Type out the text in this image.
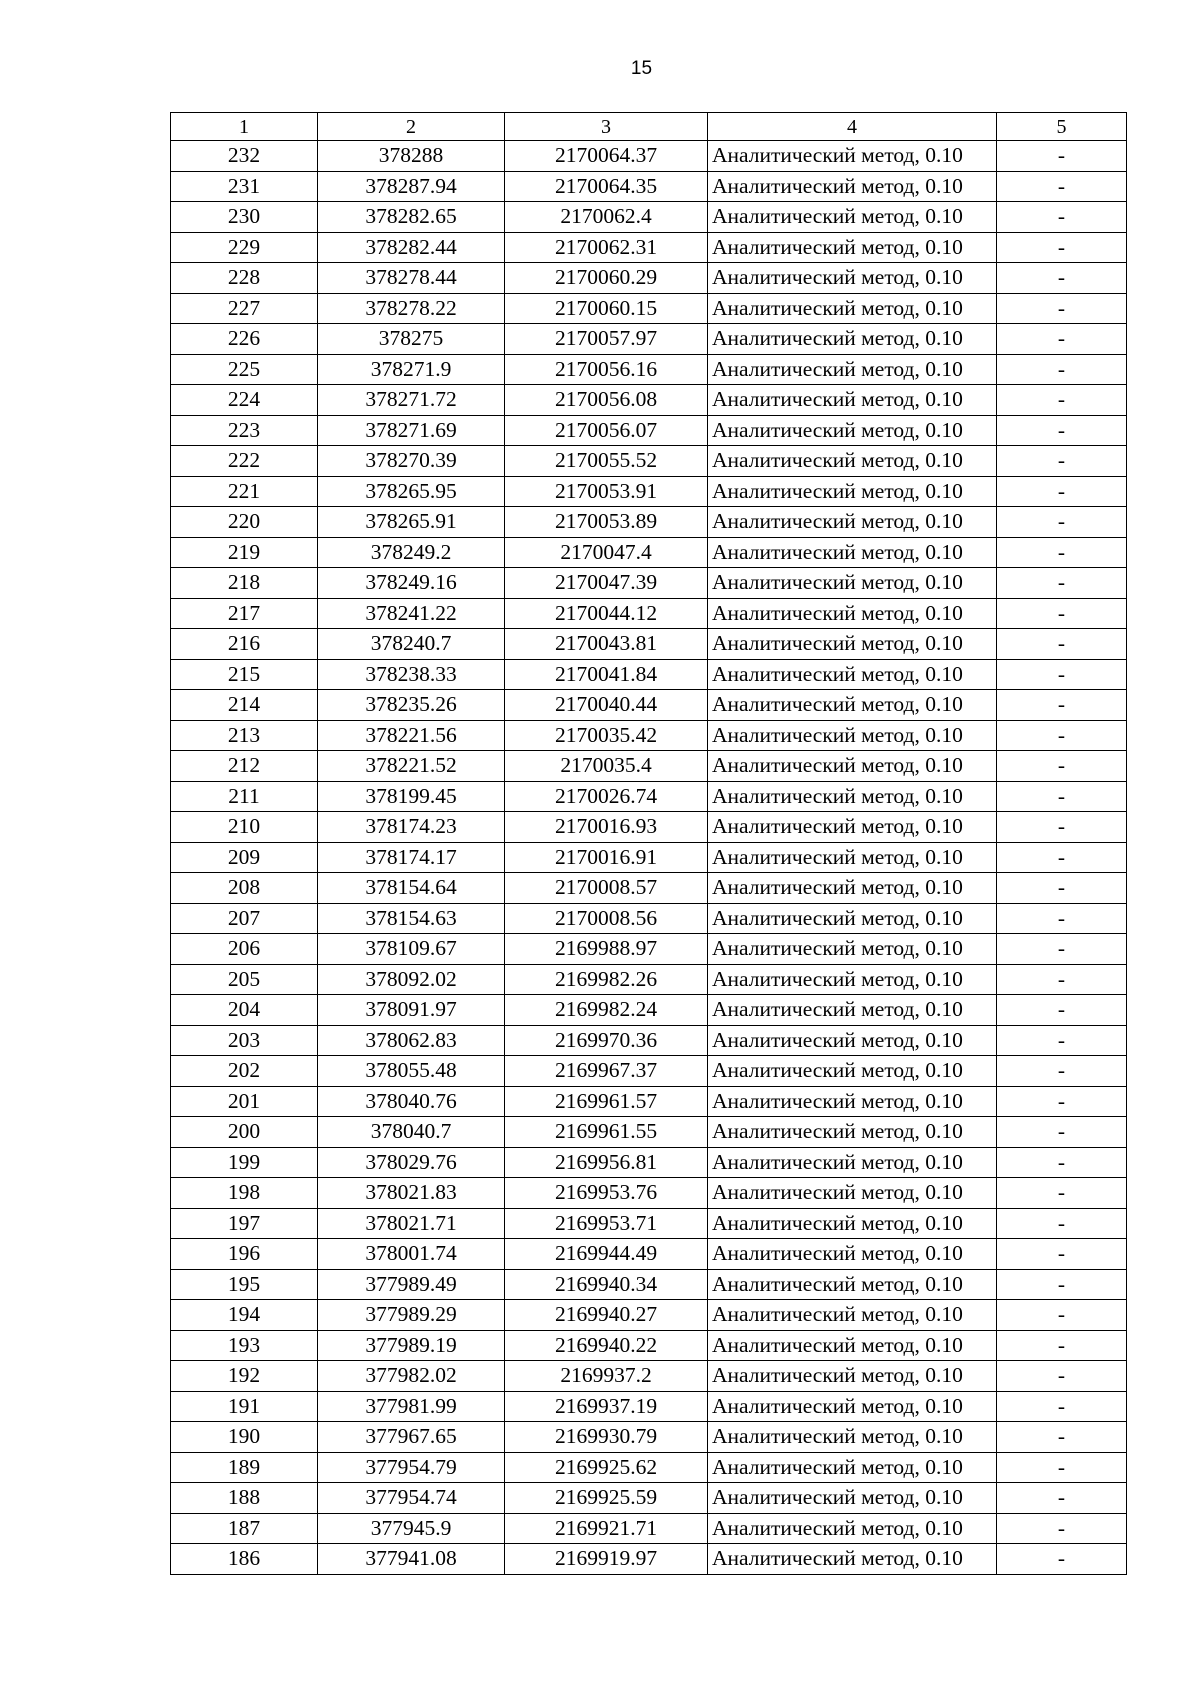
15
1	2	3	4	5
232	378288	2170064.37	Аналитический метод, 0.10	-
231	378287.94	2170064.35	Аналитический метод, 0.10	-
230	378282.65	2170062.4	Аналитический метод, 0.10	-
229	378282.44	2170062.31	Аналитический метод, 0.10	-
228	378278.44	2170060.29	Аналитический метод, 0.10	-
227	378278.22	2170060.15	Аналитический метод, 0.10	-
226	378275	2170057.97	Аналитический метод, 0.10	-
225	378271.9	2170056.16	Аналитический метод, 0.10	-
224	378271.72	2170056.08	Аналитический метод, 0.10	-
223	378271.69	2170056.07	Аналитический метод, 0.10	-
222	378270.39	2170055.52	Аналитический метод, 0.10	-
221	378265.95	2170053.91	Аналитический метод, 0.10	-
220	378265.91	2170053.89	Аналитический метод, 0.10	-
219	378249.2	2170047.4	Аналитический метод, 0.10	-
218	378249.16	2170047.39	Аналитический метод, 0.10	-
217	378241.22	2170044.12	Аналитический метод, 0.10	-
216	378240.7	2170043.81	Аналитический метод, 0.10	-
215	378238.33	2170041.84	Аналитический метод, 0.10	-
214	378235.26	2170040.44	Аналитический метод, 0.10	-
213	378221.56	2170035.42	Аналитический метод, 0.10	-
212	378221.52	2170035.4	Аналитический метод, 0.10	-
211	378199.45	2170026.74	Аналитический метод, 0.10	-
210	378174.23	2170016.93	Аналитический метод, 0.10	-
209	378174.17	2170016.91	Аналитический метод, 0.10	-
208	378154.64	2170008.57	Аналитический метод, 0.10	-
207	378154.63	2170008.56	Аналитический метод, 0.10	-
206	378109.67	2169988.97	Аналитический метод, 0.10	-
205	378092.02	2169982.26	Аналитический метод, 0.10	-
204	378091.97	2169982.24	Аналитический метод, 0.10	-
203	378062.83	2169970.36	Аналитический метод, 0.10	-
202	378055.48	2169967.37	Аналитический метод, 0.10	-
201	378040.76	2169961.57	Аналитический метод, 0.10	-
200	378040.7	2169961.55	Аналитический метод, 0.10	-
199	378029.76	2169956.81	Аналитический метод, 0.10	-
198	378021.83	2169953.76	Аналитический метод, 0.10	-
197	378021.71	2169953.71	Аналитический метод, 0.10	-
196	378001.74	2169944.49	Аналитический метод, 0.10	-
195	377989.49	2169940.34	Аналитический метод, 0.10	-
194	377989.29	2169940.27	Аналитический метод, 0.10	-
193	377989.19	2169940.22	Аналитический метод, 0.10	-
192	377982.02	2169937.2	Аналитический метод, 0.10	-
191	377981.99	2169937.19	Аналитический метод, 0.10	-
190	377967.65	2169930.79	Аналитический метод, 0.10	-
189	377954.79	2169925.62	Аналитический метод, 0.10	-
188	377954.74	2169925.59	Аналитический метод, 0.10	-
187	377945.9	2169921.71	Аналитический метод, 0.10	-
186	377941.08	2169919.97	Аналитический метод, 0.10	-
